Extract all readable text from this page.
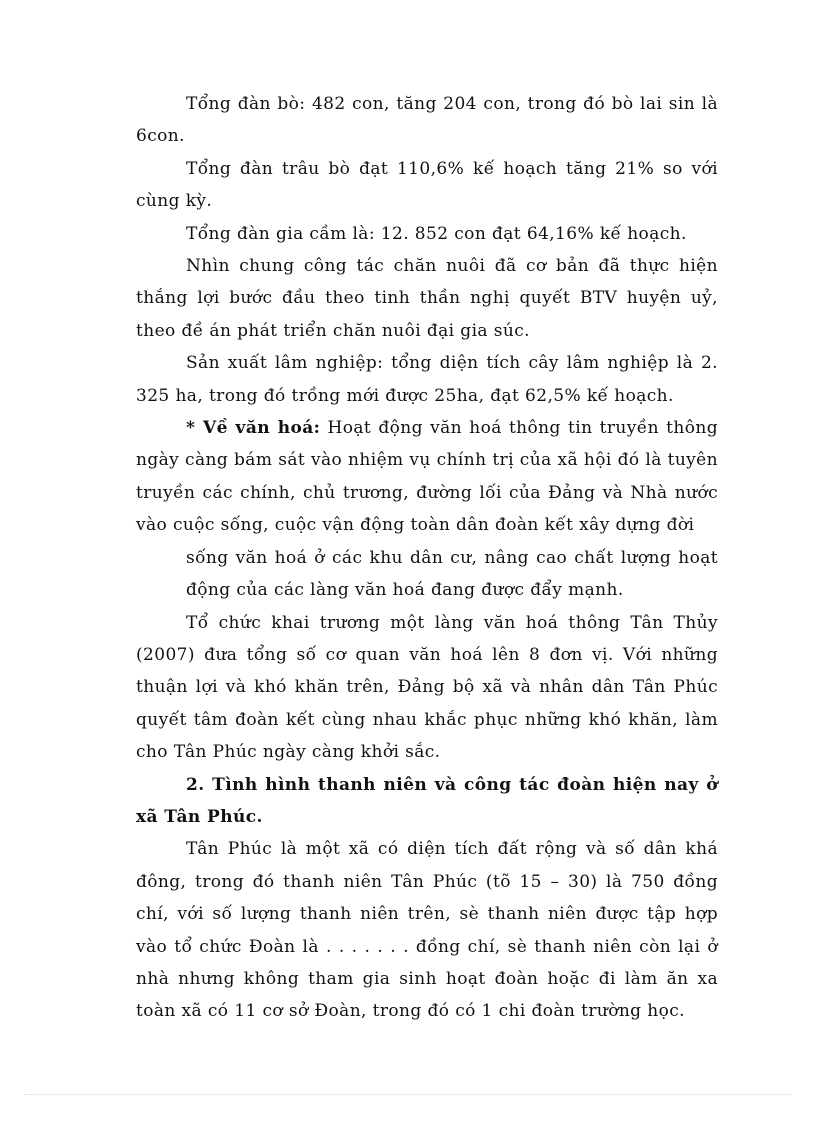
Tổng đàn bò: 482 con, tăng 204 con, trong đó bò lai sin là 6con.

Tổng đàn trâu bò đạt 110,6% kế hoạch tăng 21% so với cùng kỳ.

Tổng đàn gia cầm là: 12. 852 con đạt 64,16% kế hoạch.

Nhìn chung công tác chăn nuôi đã cơ bản đã thực hiện thắng lợi bước đầu theo tinh thần nghị quyết BTV huyện uỷ, theo đề án phát triển chăn nuôi đại gia súc.

Sản xuất lâm nghiệp: tổng diện tích cây lâm nghiệp là 2. 325 ha, trong đó trồng mới được 25ha, đạt 62,5% kế hoạch.

* Về văn hoá: Hoạt động văn hoá thông tin truyền thông ngày càng bám sát vào nhiệm vụ chính trị của xã hội đó là tuyên truyền các chính, chủ trương, đường lối của Đảng và Nhà nước vào cuộc sống, cuộc vận động toàn dân đoàn kết xây dựng đời

sống văn hoá ở các khu dân cư, nâng cao chất lượng hoạt động của các làng văn hoá đang được đẩy mạnh.

Tổ chức khai trương một làng văn hoá thông Tân Thủy (2007) đưa tổng số cơ quan văn hoá lên 8 đơn vị. Với những thuận lợi và khó khăn trên, Đảng bộ xã và nhân dân Tân Phúc quyết tâm đoàn kết cùng nhau khắc phục những khó khăn, làm cho Tân Phúc ngày càng khởi sắc.

2. Tình hình thanh niên và công tác đoàn hiện nay ở xã Tân Phúc.

Tân Phúc là một xã có diện tích đất rộng và số dân khá đông, trong đó thanh niên Tân Phúc (tõ 15 – 30) là 750 đồng chí, với số lượng thanh niên trên, sè thanh niên được tập hợp vào tổ chức Đoàn là . . . . . . . đồng chí, sè thanh niên còn lại ở nhà nhưng không tham gia sinh hoạt đoàn hoặc đi làm ăn xa toàn xã có 11 cơ sở Đoàn, trong đó có 1 chi đoàn trường học.
